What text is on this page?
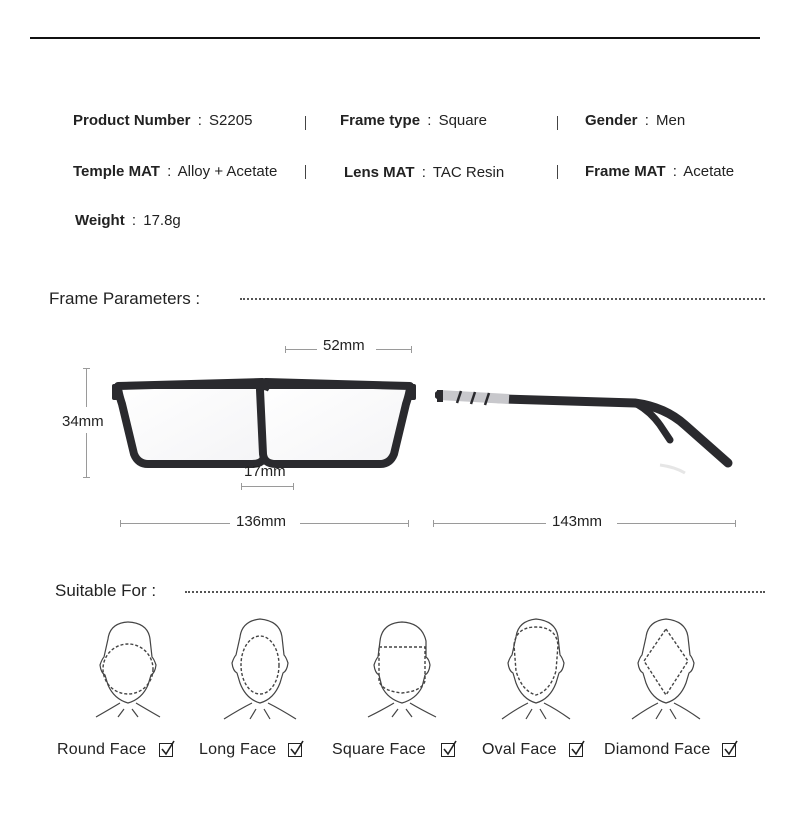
Product Number : S2205	Frame type : Square	Gender : Men
Temple MAT : Alloy + Acetate	Lens MAT : TAC Resin	Frame MAT : Acetate
Weight : 17.8g
Frame Parameters :
52mm
34mm
17mm
136mm	143mm
Suitable For :
Round Face	Long Face	Square Face	Oval Face	Diamond Face
